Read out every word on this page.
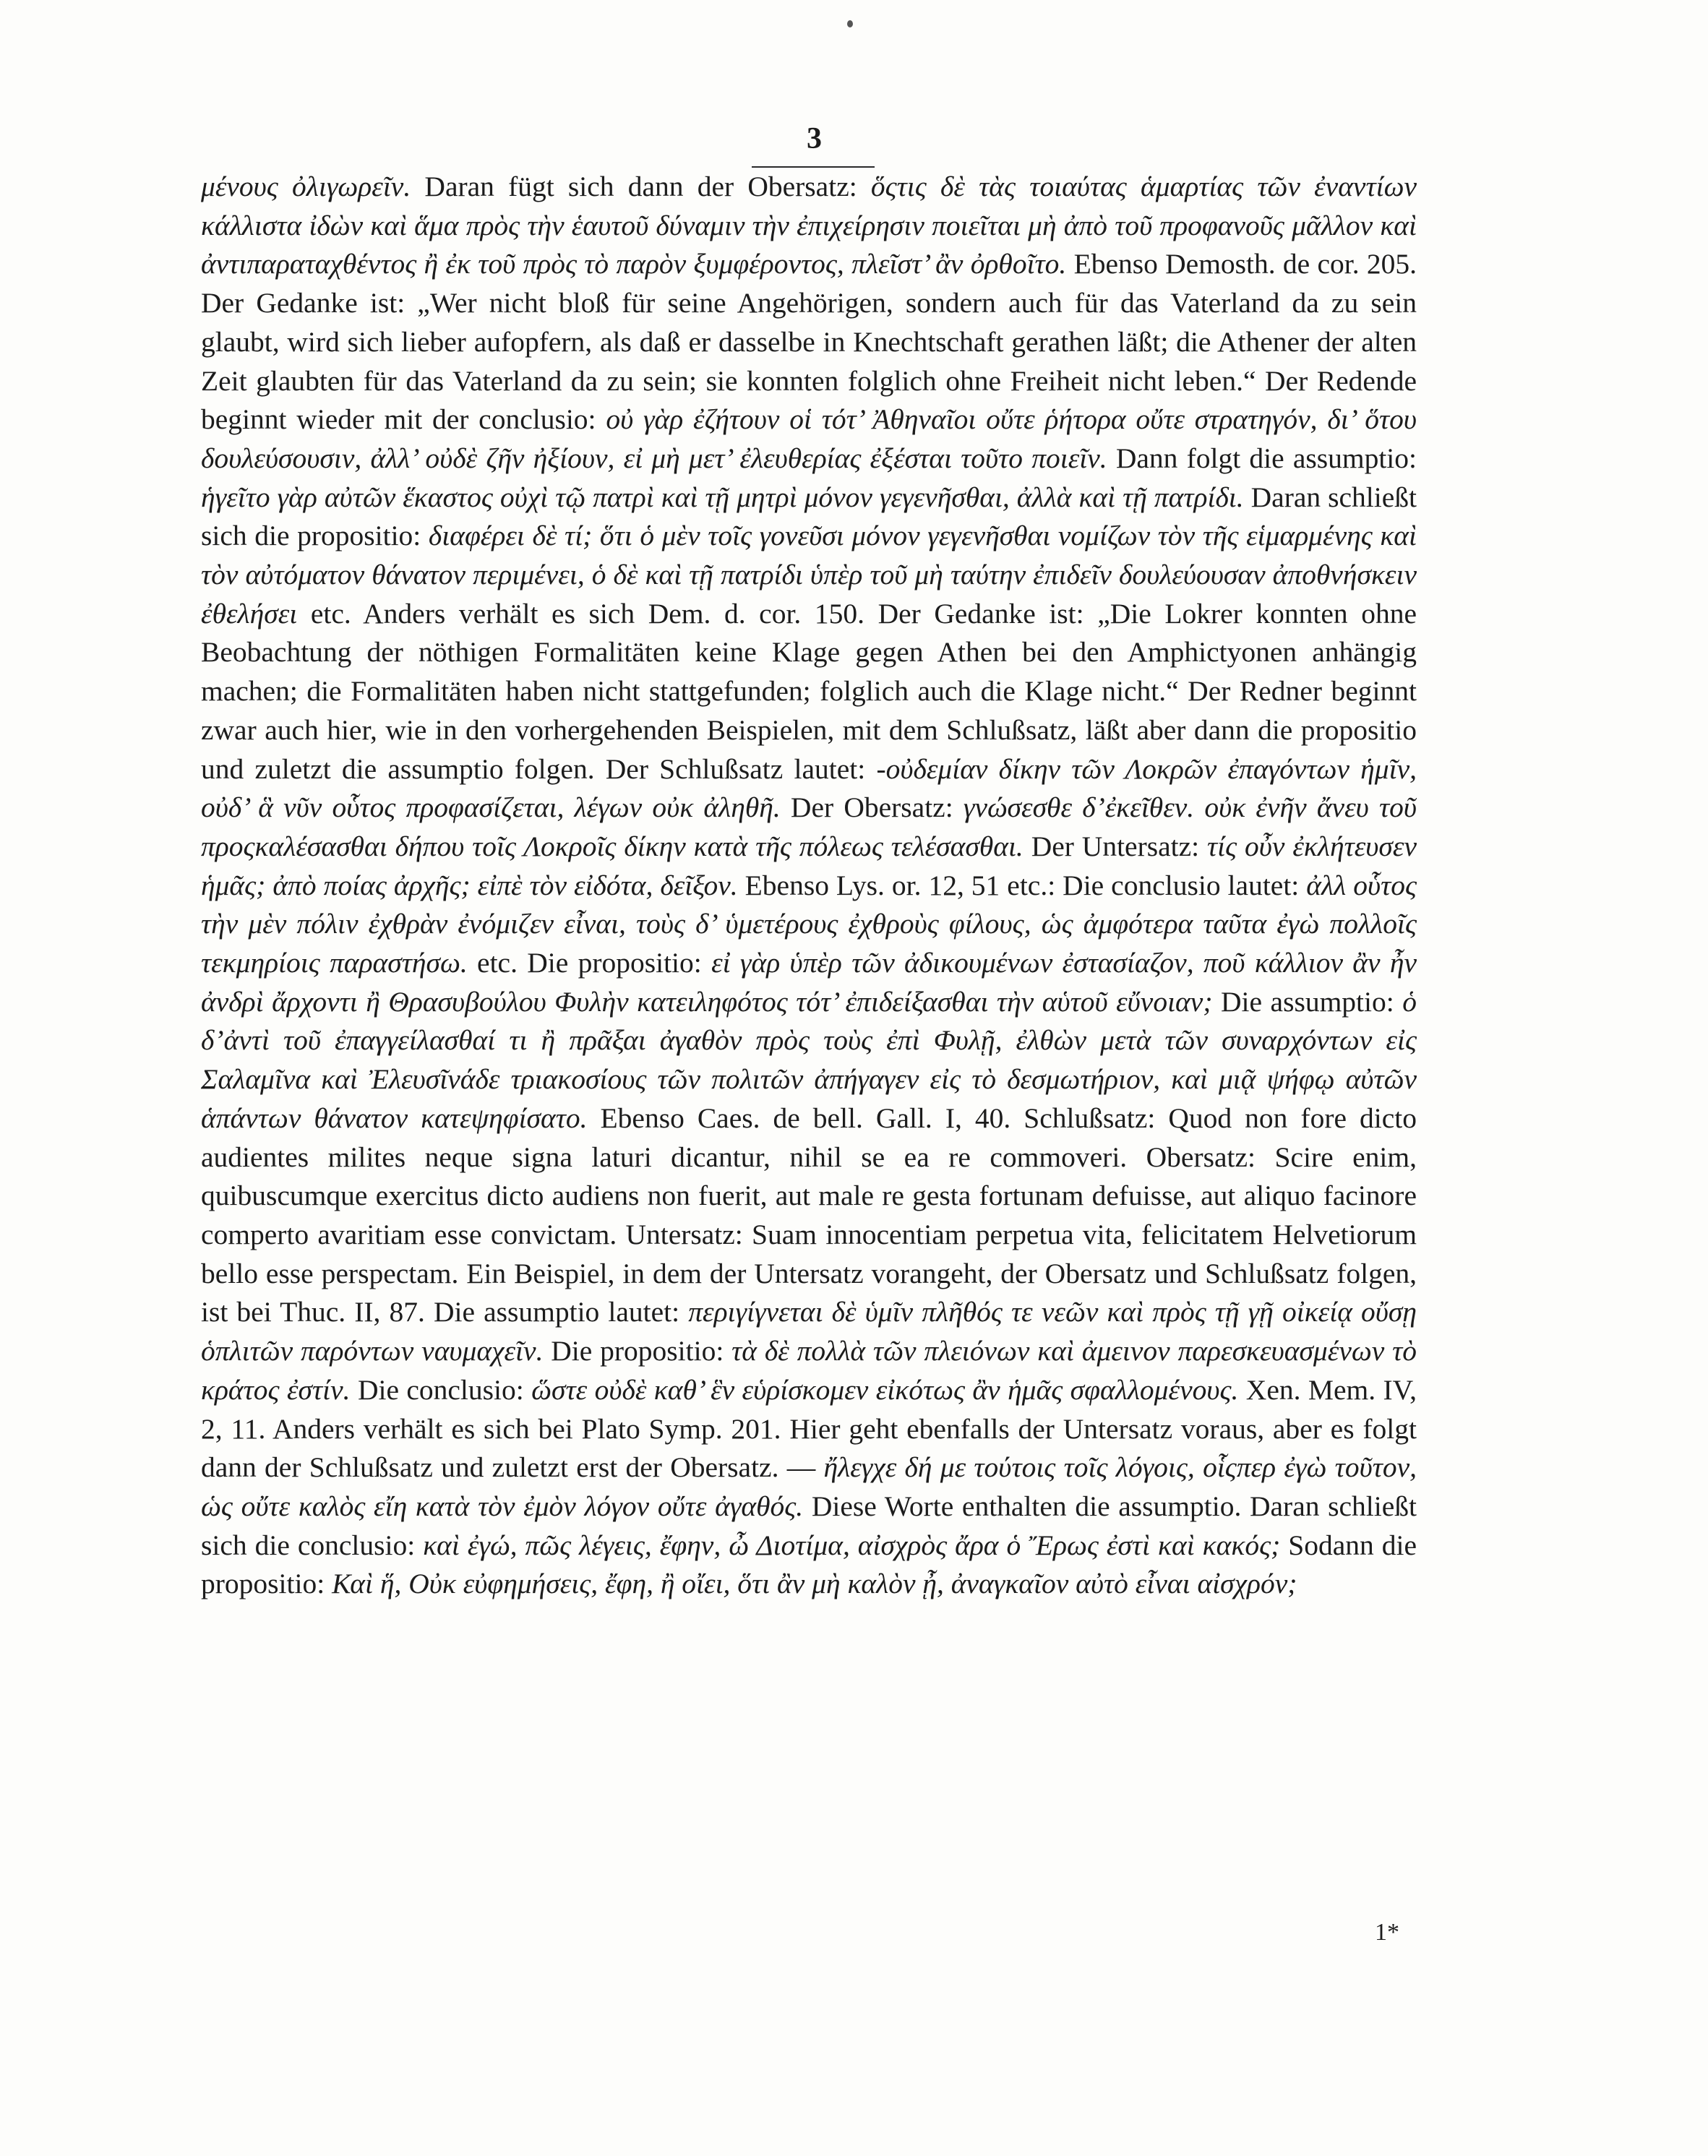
3

μένους ὀλιγωρεῖν. Daran fügt sich dann der Obersatz: ὅςτις δὲ τὰς τοιαύτας ἁμαρτίας τῶν ἐναντίων κάλλιστα ἰδὼν καὶ ἅμα πρὸς τὴν ἑαυτοῦ δύναμιν τὴν ἐπιχείρησιν ποιεῖται μὴ ἀπὸ τοῦ προφανοῦς μᾶλλον καὶ ἀντιπαραταχθέντος ἢ ἐκ τοῦ πρὸς τὸ παρὸν ξυμφέροντος, πλεῖστ’ ἂν ὀρθοῖτο. Ebenso Demosth. de cor. 205. Der Gedanke ist: „Wer nicht bloß für seine Angehörigen, sondern auch für das Vaterland da zu sein glaubt, wird sich lieber aufopfern, als daß er dasselbe in Knechtschaft gerathen läßt; die Athener der alten Zeit glaubten für das Vaterland da zu sein; sie konnten folglich ohne Freiheit nicht leben.“ Der Redende beginnt wieder mit der conclusio: οὐ γὰρ ἐζήτουν οἱ τότ’ Ἀθηναῖοι οὔτε ῥήτορα οὔτε στρατηγόν, δι’ ὅτου δουλεύσουσιν, ἀλλ’ οὐδὲ ζῆν ἠξίουν, εἰ μὴ μετ’ ἐλευθερίας ἐξέσται τοῦτο ποιεῖν. Dann folgt die assumptio: ἡγεῖτο γὰρ αὐτῶν ἕκαστος οὐχὶ τῷ πατρὶ καὶ τῇ μητρὶ μόνον γεγενῆσθαι, ἀλλὰ καὶ τῇ πατρίδι. Daran schließt sich die propositio: διαφέρει δὲ τί; ὅτι ὁ μὲν τοῖς γονεῦσι μόνον γεγενῆσθαι νομίζων τὸν τῆς εἱμαρμένης καὶ τὸν αὐτόματον θάνατον περιμένει, ὁ δὲ καὶ τῇ πατρίδι ὑπὲρ τοῦ μὴ ταύτην ἐπιδεῖν δουλεύουσαν ἀποθνήσκειν ἐθελήσει etc. Anders verhält es sich Dem. d. cor. 150. Der Gedanke ist: „Die Lokrer konnten ohne Beobachtung der nöthigen Formalitäten keine Klage gegen Athen bei den Amphictyonen anhängig machen; die Formalitäten haben nicht stattgefunden; folglich auch die Klage nicht.“ Der Redner beginnt zwar auch hier, wie in den vorhergehenden Beispielen, mit dem Schlußsatz, läßt aber dann die propositio und zuletzt die assumptio folgen. Der Schlußsatz lautet: -οὐδεμίαν δίκην τῶν Λοκρῶν ἐπαγόντων ἡμῖν, οὐδ’ ἃ νῦν οὗτος προφασίζεται, λέγων οὐκ ἀληθῆ. Der Obersatz: γνώσεσθε δ’ἐκεῖθεν. οὐκ ἐνῆν ἄνευ τοῦ προςκαλέσασθαι δήπου τοῖς Λοκροῖς δίκην κατὰ τῆς πόλεως τελέσασθαι. Der Untersatz: τίς οὖν ἐκλήτευσεν ἡμᾶς; ἀπὸ ποίας ἀρχῆς; εἰπὲ τὸν εἰδότα, δεῖξον. Ebenso Lys. or. 12, 51 etc.: Die conclusio lautet: ἀλλ οὗτος τὴν μὲν πόλιν ἐχθρὰν ἐνόμιζεν εἶναι, τοὺς δ’ ὑμετέρους ἐχθροὺς φίλους, ὡς ἀμφότερα ταῦτα ἐγὼ πολλοῖς τεκμηρίοις παραστήσω. etc. Die propositio: εἰ γὰρ ὑπὲρ τῶν ἀδικουμένων ἐστασίαζον, ποῦ κάλλιον ἂν ἦν ἀνδρὶ ἄρχοντι ἢ Θρασυβούλου Φυλὴν κατειληφότος τότ’ ἐπιδείξασθαι τὴν αὑτοῦ εὔνοιαν; Die assumptio: ὁ δ’ἀντὶ τοῦ ἐπαγγείλασθαί τι ἢ πρᾶξαι ἀγαθὸν πρὸς τοὺς ἐπὶ Φυλῇ, ἐλθὼν μετὰ τῶν συναρχόντων εἰς Σαλαμῖνα καὶ Ἐλευσῖνάδε τριακοσίους τῶν πολιτῶν ἀπήγαγεν εἰς τὸ δεσμωτήριον, καὶ μιᾷ ψήφῳ αὐτῶν ἁπάντων θάνατον κατεψηφίσατο. Ebenso Caes. de bell. Gall. I, 40. Schlußsatz: Quod non fore dicto audientes milites neque signa laturi dicantur, nihil se ea re commoveri. Obersatz: Scire enim, quibuscumque exercitus dicto audiens non fuerit, aut male re gesta fortunam defuisse, aut aliquo facinore comperto avaritiam esse convictam. Untersatz: Suam innocentiam perpetua vita, felicitatem Helvetiorum bello esse perspectam. Ein Beispiel, in dem der Untersatz vorangeht, der Obersatz und Schlußsatz folgen, ist bei Thuc. II, 87. Die assumptio lautet: περιγίγνεται δὲ ὑμῖν πλῆθός τε νεῶν καὶ πρὸς τῇ γῇ οἰκείᾳ οὔσῃ ὁπλιτῶν παρόντων ναυμαχεῖν. Die propositio: τὰ δὲ πολλὰ τῶν πλειόνων καὶ ἀμεινον παρεσκευασμένων τὸ κράτος ἐστίν. Die conclusio: ὥστε οὐδὲ καθ’ ἓν εὑρίσκομεν εἰκότως ἂν ἡμᾶς σφαλλομένους. Xen. Mem. IV, 2, 11. Anders verhält es sich bei Plato Symp. 201. Hier geht ebenfalls der Untersatz voraus, aber es folgt dann der Schlußsatz und zuletzt erst der Obersatz. — ἤλεγχε δή με τούτοις τοῖς λόγοις, οἷςπερ ἐγὼ τοῦτον, ὡς οὔτε καλὸς εἴη κατὰ τὸν ἐμὸν λόγον οὔτε ἀγαθός. Diese Worte enthalten die assumptio. Daran schließt sich die conclusio: καὶ ἐγώ, πῶς λέγεις, ἔφην, ὦ Διοτίμα, αἰσχρὸς ἄρα ὁ Ἔρως ἐστὶ καὶ κακός; Sodann die propositio: Καὶ ἥ, Οὐκ εὐφημήσεις, ἔφη, ἢ οἴει, ὅτι ἂν μὴ καλὸν ᾖ, ἀναγκαῖον αὐτὸ εἶναι αἰσχρόν;

1*
